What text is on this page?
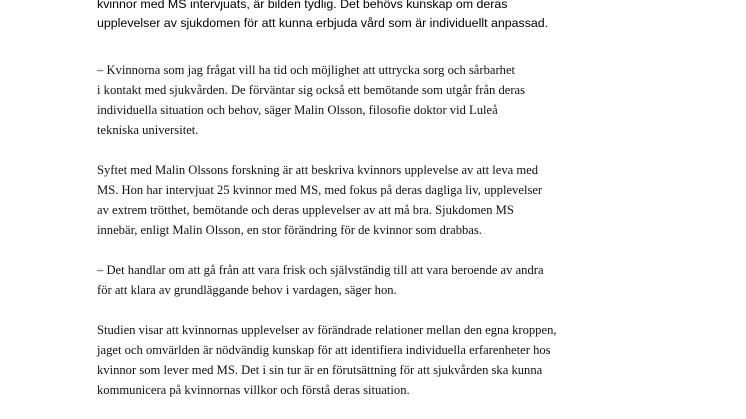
kvinnor med MS intervjuats, är bilden tydlig. Det behövs kunskap om deras
upplevelser av sjukdomen för att kunna erbjuda vård som är individuellt anpassad.

– Kvinnorna som jag frågat vill ha tid och möjlighet att uttrycka sorg och sårbarhet
i kontakt med sjukvården. De förväntar sig också ett bemötande som utgår från deras
individuella situation och behov, säger Malin Olsson, filosofie doktor vid Luleå
tekniska universitet.

Syftet med Malin Olssons forskning är att beskriva kvinnors upplevelse av att leva med
MS. Hon har intervjuat 25 kvinnor med MS, med fokus på deras dagliga liv, upplevelser
av extrem trötthet, bemötande och deras upplevelser av att må bra. Sjukdomen MS
innebär, enligt Malin Olsson, en stor förändring för de kvinnor som drabbas.

– Det handlar om att gå från att vara frisk och självständig till att vara beroende av andra
för att klara av grundläggande behov i vardagen, säger hon.

Studien visar att kvinnornas upplevelser av förändrade relationer mellan den egna kroppen,
jaget och omvärlden är nödvändig kunskap för att identifiera individuella erfarenheter hos
kvinnor som lever med MS. Det i sin tur är en förutsättning för att sjukvården ska kunna
kommunicera på kvinnornas villkor och förstå deras situation.
